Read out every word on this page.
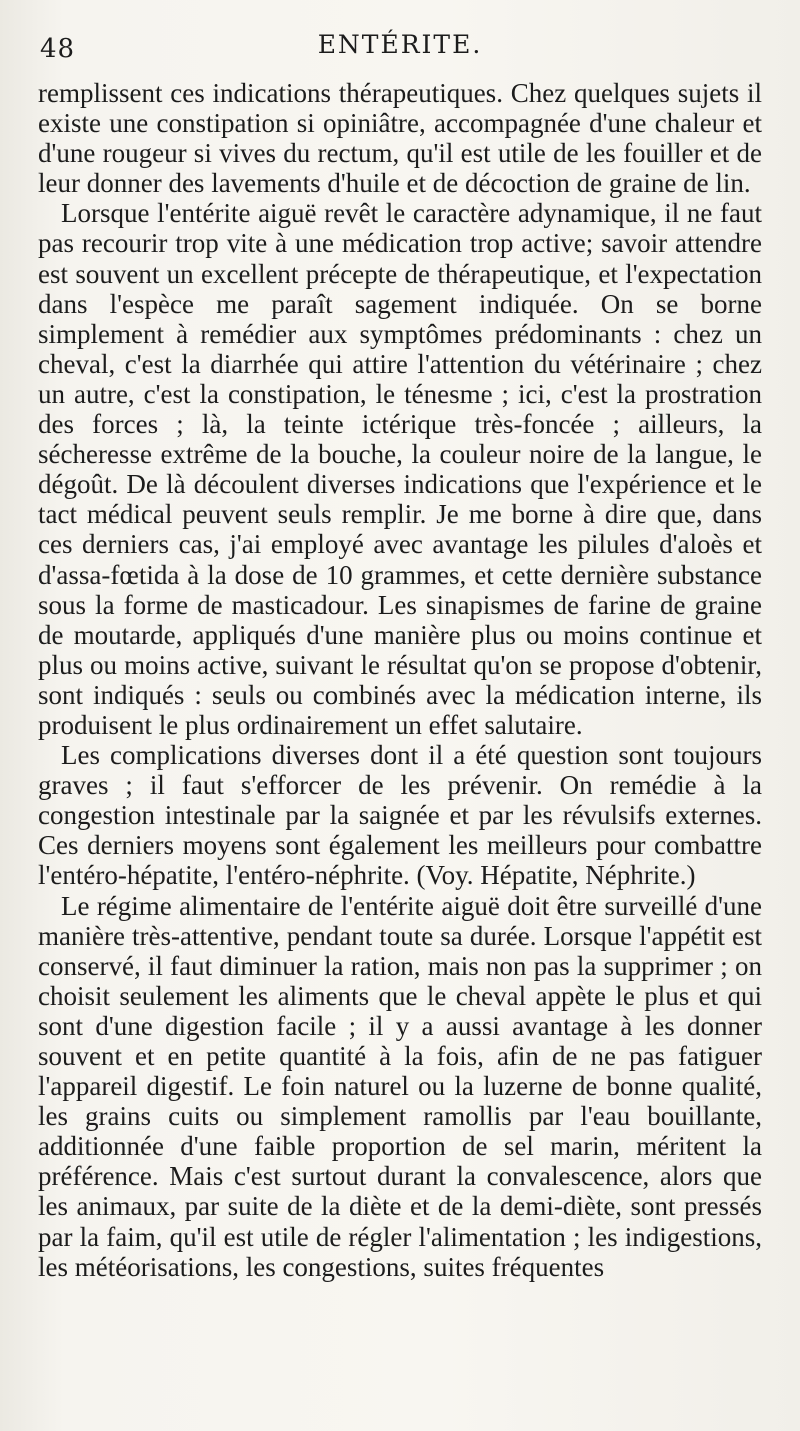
48	ENTÉRITE.

remplissent ces indications thérapeutiques. Chez quelques sujets il existe une constipation si opiniâtre, accompagnée d'une chaleur et d'une rougeur si vives du rectum, qu'il est utile de les fouiller et de leur donner des lavements d'huile et de décoction de graine de lin.

Lorsque l'entérite aiguë revêt le caractère adynamique, il ne faut pas recourir trop vite à une médication trop active; savoir attendre est souvent un excellent précepte de thérapeutique, et l'expectation dans l'espèce me paraît sagement indiquée. On se borne simplement à remédier aux symptômes prédominants : chez un cheval, c'est la diarrhée qui attire l'attention du vétérinaire ; chez un autre, c'est la constipation, le ténesme ; ici, c'est la prostration des forces ; là, la teinte ictérique très-foncée ; ailleurs, la sécheresse extrême de la bouche, la couleur noire de la langue, le dégoût. De là découlent diverses indications que l'expérience et le tact médical peuvent seuls remplir. Je me borne à dire que, dans ces derniers cas, j'ai employé avec avantage les pilules d'aloès et d'assa-fœtida à la dose de 10 grammes, et cette dernière substance sous la forme de masticadour. Les sinapismes de farine de graine de moutarde, appliqués d'une manière plus ou moins continue et plus ou moins active, suivant le résultat qu'on se propose d'obtenir, sont indiqués : seuls ou combinés avec la médication interne, ils produisent le plus ordinairement un effet salutaire.

Les complications diverses dont il a été question sont toujours graves ; il faut s'efforcer de les prévenir. On remédie à la congestion intestinale par la saignée et par les révulsifs externes. Ces derniers moyens sont également les meilleurs pour combattre l'entéro-hépatite, l'entéro-néphrite. (Voy. Hépatite, Néphrite.)

Le régime alimentaire de l'entérite aiguë doit être surveillé d'une manière très-attentive, pendant toute sa durée. Lorsque l'appétit est conservé, il faut diminuer la ration, mais non pas la supprimer ; on choisit seulement les aliments que le cheval appète le plus et qui sont d'une digestion facile ; il y a aussi avantage à les donner souvent et en petite quantité à la fois, afin de ne pas fatiguer l'appareil digestif. Le foin naturel ou la luzerne de bonne qualité, les grains cuits ou simplement ramollis par l'eau bouillante, additionnée d'une faible proportion de sel marin, méritent la préférence. Mais c'est surtout durant la convalescence, alors que les animaux, par suite de la diète et de la demi-diète, sont pressés par la faim, qu'il est utile de régler l'alimentation ; les indigestions, les météorisations, les congestions, suites fréquentes
